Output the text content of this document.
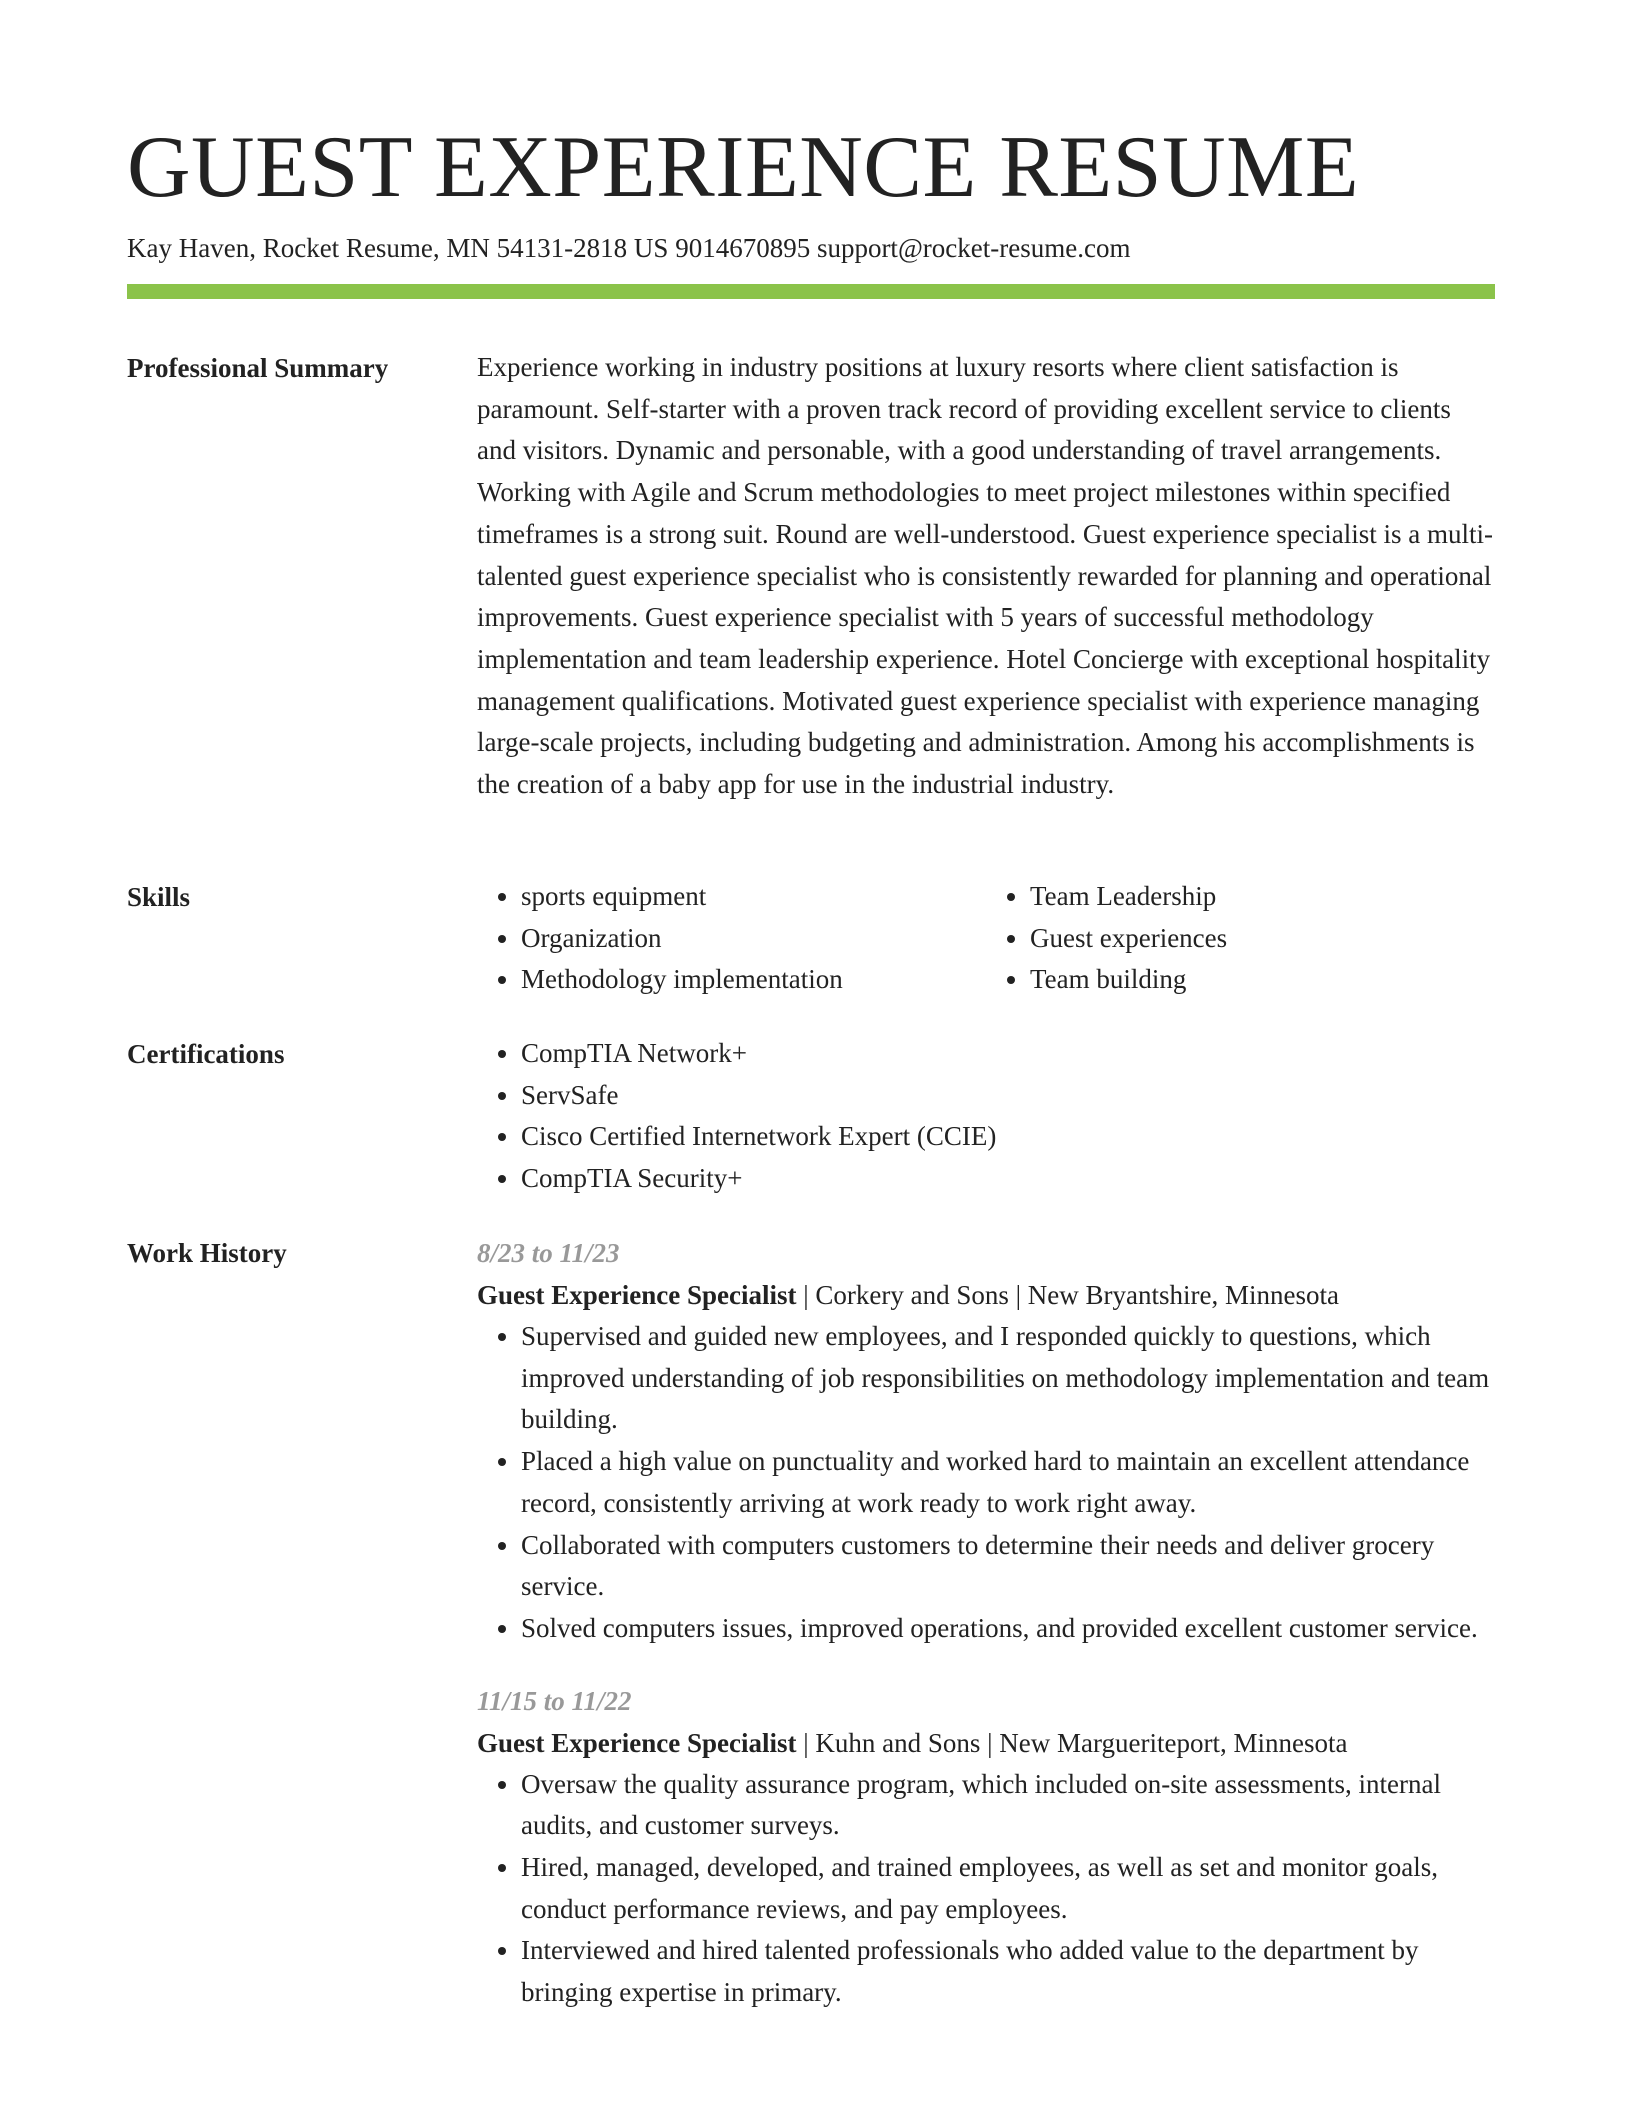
GUEST EXPERIENCE RESUME
Kay Haven, Rocket Resume, MN 54131-2818 US 9014670895 support@rocket-resume.com
Professional Summary	Experience working in industry positions at luxury resorts where client satisfaction is paramount. Self-starter with a proven track record of providing excellent service to clients and visitors. Dynamic and personable, with a good understanding of travel arrangements. Working with Agile and Scrum methodologies to meet project milestones within specified timeframes is a strong suit. Round are well-understood. Guest experience specialist is a multi-talented guest experience specialist who is consistently rewarded for planning and operational improvements. Guest experience specialist with 5 years of successful methodology implementation and team leadership experience. Hotel Concierge with exceptional hospitality management qualifications. Motivated guest experience specialist with experience managing large-scale projects, including budgeting and administration. Among his accomplishments is the creation of a baby app for use in the industrial industry.

Skills	• sports equipment
• Organization
• Methodology implementation
• Team Leadership
• Guest experiences
• Team building
Certifications	• CompTIA Network+
• ServSafe
• Cisco Certified Internetwork Expert (CCIE)
• CompTIA Security+
Work History	8/23 to 11/23
Guest Experience Specialist | Corkery and Sons | New Bryantshire, Minnesota
• Supervised and guided new employees, and I responded quickly to questions, which improved understanding of job responsibilities on methodology implementation and team building.
• Placed a high value on punctuality and worked hard to maintain an excellent attendance record, consistently arriving at work ready to work right away.
• Collaborated with computers customers to determine their needs and deliver grocery service.
• Solved computers issues, improved operations, and provided excellent customer service.
11/15 to 11/22
Guest Experience Specialist | Kuhn and Sons | New Margueriteport, Minnesota
• Oversaw the quality assurance program, which included on-site assessments, internal audits, and customer surveys.
• Hired, managed, developed, and trained employees, as well as set and monitor goals, conduct performance reviews, and pay employees.
• Interviewed and hired talented professionals who added value to the department by bringing expertise in primary.
